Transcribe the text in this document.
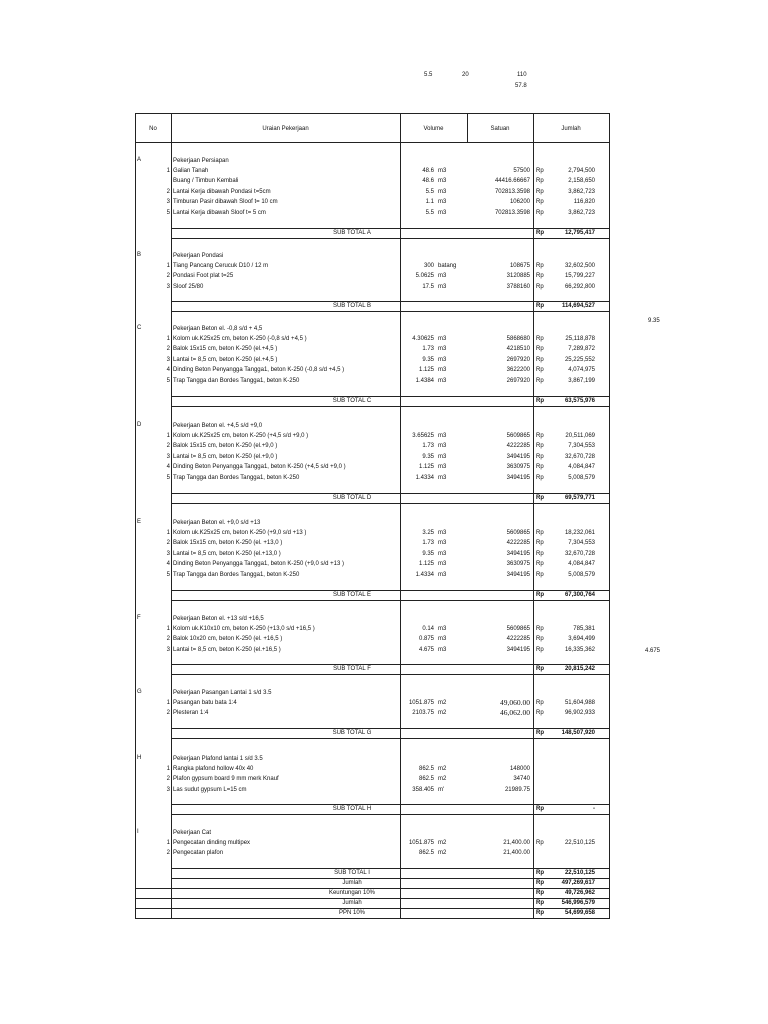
5.5	20	110
57.8
No	Uraian Pekerjaan	Volume	Satuan	Jumlah
A	Pekerjaan Persiapan
1 Galian Tanah	48.6 m3	57500 Rp	2,794,500
Buang / Timbun Kembali	48.6 m3	44416.66667 Rp	2,158,650
2 Lantai Kerja dibawah Pondasi t=5cm	5.5 m3	702813.3598 Rp	3,862,723
3 Timburan Pasir dibawah Sloof t= 10 cm	1.1 m3	106200 Rp	116,820
5 Lantai Kerja dibawah Sloof t= 5 cm	5.5 m3	702813.3598 Rp	3,862,723
SUB TOTAL A	Rp	12,795,417
B	Pekerjaan Pondasi
1 Tiang Pancang Cerucuk D10 / 12 m	300 batang	108675 Rp	32,602,500
2 Pondasi Foot plat t=25	5.0625 m3	3120885 Rp	15,799,227
3 Sloof 25/80	17.5 m3	3788160 Rp	66,292,800
SUB TOTAL B	Rp	114,694,527
C	Pekerjaan Beton el. -0,8 s/d + 4,5
1 Kolom uk.K25x25 cm, beton K-250 (-0,8 s/d +4,5 )	4.30625 m3	5868680 Rp	25,118,878
2 Balok 15x15 cm, beton K-250 (el.+4,5 )	1.73 m3	4218510 Rp	7,289,872
3 Lantai t= 8,5 cm, beton K-250 (el.+4,5 )	9.35 m3	2697920 Rp	25,225,552
4 Dinding Beton Penyangga Tangga1, beton K-250 (-0,8 s/d +4,5 )	1.125 m3	3622200 Rp	4,074,975
5 Trap Tangga dan Bordes Tangga1, beton K-250	1.4384 m3	2697920 Rp	3,867,199
SUB TOTAL C	Rp	63,575,976
D	Pekerjaan Beton el. +4,5 s/d +9,0
1 Kolom uk.K25x25 cm, beton K-250 (+4,5 s/d +9,0 )	3.65625 m3	5609865 Rp	20,511,069
2 Balok 15x15 cm, beton K-250 (el.+9,0 )	1.73 m3	4222285 Rp	7,304,553
3 Lantai t= 8,5 cm, beton K-250 (el.+9,0 )	9.35 m3	3494195 Rp	32,670,728
4 Dinding Beton Penyangga Tangga1, beton K-250 (+4,5 s/d +9,0 )	1.125 m3	3630975 Rp	4,084,847
5 Trap Tangga dan Bordes Tangga1, beton K-250	1.4334 m3	3494195 Rp	5,008,579
SUB TOTAL D	Rp	69,579,771
E	Pekerjaan Beton el. +9,0 s/d +13
1 Kolom uk.K25x25 cm, beton K-250 (+9,0 s/d +13 )	3.25 m3	5609865 Rp	18,232,061
2 Balok 15x15 cm, beton K-250 (el. +13,0 )	1.73 m3	4222285 Rp	7,304,553
3 Lantai t= 8,5 cm, beton K-250 (el.+13,0 )	9.35 m3	3494195 Rp	32,670,728
4 Dinding Beton Penyangga Tangga1, beton K-250 (+9,0 s/d +13 )	1.125 m3	3630975 Rp	4,084,847
5 Trap Tangga dan Bordes Tangga1, beton K-250	1.4334 m3	3494195 Rp	5,008,579
SUB TOTAL E	Rp	67,300,764
F	Pekerjaan Beton el. +13 s/d +16,5
1 Kolom uk.K10x10 cm, beton K-250 (+13,0 s/d +16,5 )	0.14 m3	5609865 Rp	785,381
2 Balok 10x20 cm, beton K-250 (el. +16,5 )	0.875 m3	4222285 Rp	3,694,499
3 Lantai t= 8,5 cm, beton K-250 (el.+16,5 )	4.675 m3	3494195 Rp	16,335,362
SUB TOTAL F	Rp	20,815,242
G	Pekerjaan Pasangan Lantai 1 s/d 3.5
1 Pasangan batu bata 1:4	1051.875 m2	49,060.00 Rp	51,604,988
2 Plesteran 1:4	2103.75 m2	46,062.00 Rp	96,902,933
SUB TOTAL G	Rp	148,507,920
H	Pekerjaan Plafond lantai 1 s/d 3.5
1 Rangka plafond hollow 40x 40	862.5 m2	148000
2 Plafon gypsum board 9 mm merk Knauf	862.5 m2	34740
3 Las sudut gypsum L=15 cm	358.405 m'	21989.75
SUB TOTAL H	Rp	-
I	Pekerjaan Cat
1 Pengecatan dinding multipex	1051.875 m2	21,400.00 Rp	22,510,125
2 Pengecatan plafon	862.5 m2	21,400.00
SUB TOTAL I	Rp	22,510,125
Jumlah	Rp	497,269,617
Keuntungan 10%	Rp	49,726,962
Jumlah	Rp	546,996,579
PPN 10%	Rp	54,699,658
9.35
4.675
